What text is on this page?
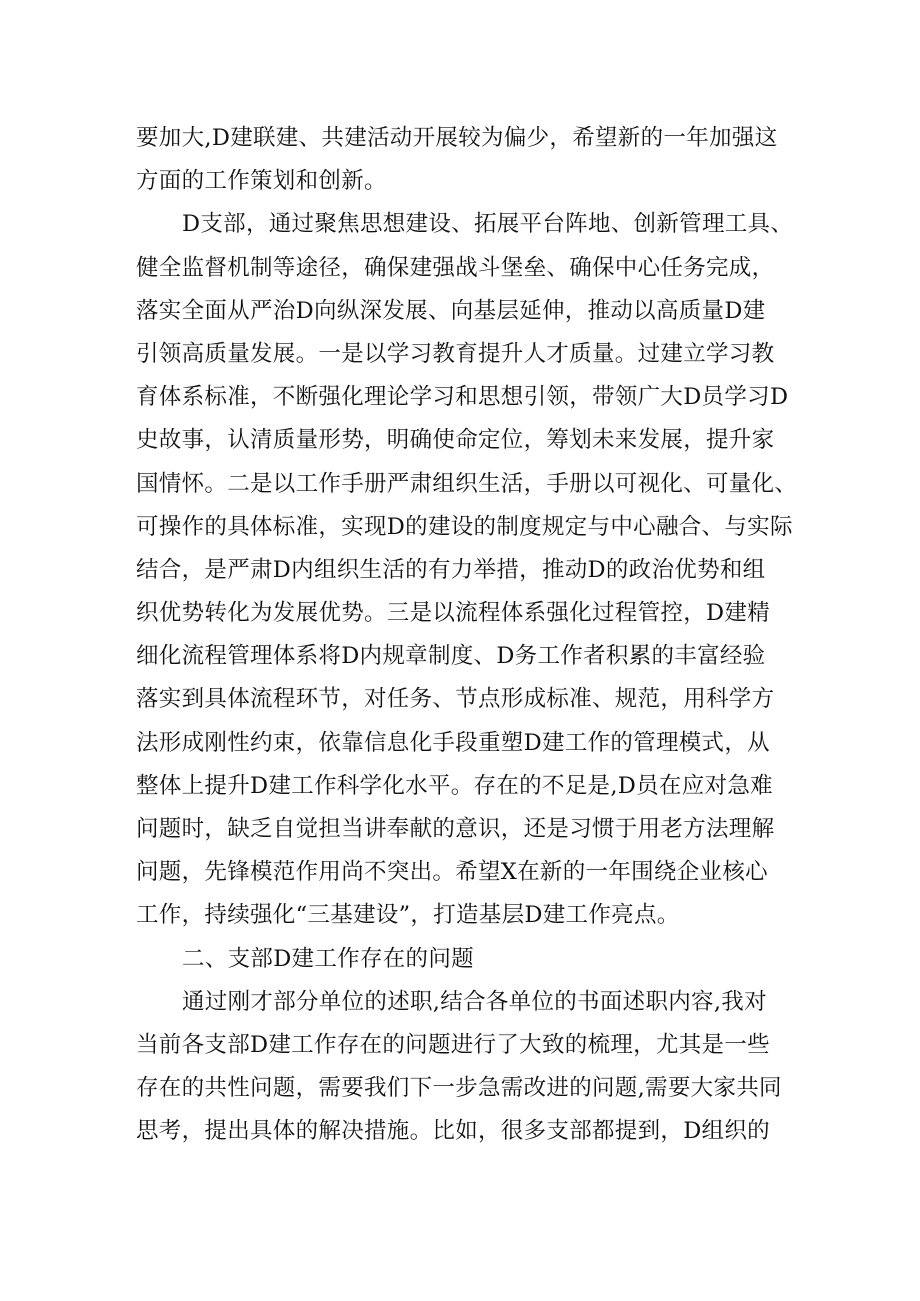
要加大,D建联建、共建活动开展较为偏少，希望新的一年加强这
方面的工作策划和创新。
D支部，通过聚焦思想建设、拓展平台阵地、创新管理工具、
健全监督机制等途径，确保建强战斗堡垒、确保中心任务完成，
落实全面从严治D向纵深发展、向基层延伸，推动以高质量D建
引领高质量发展。一是以学习教育提升人才质量。过建立学习教
育体系标准，不断强化理论学习和思想引领，带领广大D员学习D
史故事，认清质量形势，明确使命定位，筹划未来发展，提升家
国情怀。二是以工作手册严肃组织生活，手册以可视化、可量化、
可操作的具体标准，实现D的建设的制度规定与中心融合、与实际
结合，是严肃D内组织生活的有力举措，推动D的政治优势和组
织优势转化为发展优势。三是以流程体系强化过程管控，D建精
细化流程管理体系将D内规章制度、D务工作者积累的丰富经验
落实到具体流程环节，对任务、节点形成标准、规范，用科学方
法形成刚性约束，依靠信息化手段重塑D建工作的管理模式，从
整体上提升D建工作科学化水平。存在的不足是,D员在应对急难
问题时，缺乏自觉担当讲奉献的意识，还是习惯于用老方法理解
问题，先锋模范作用尚不突出。希望X在新的一年围绕企业核心
工作，持续强化“三基建设”，打造基层D建工作亮点。
二、支部D建工作存在的问题
通过刚才部分单位的述职,结合各单位的书面述职内容,我对
当前各支部D建工作存在的问题进行了大致的梳理，尤其是一些
存在的共性问题，需要我们下一步急需改进的问题,需要大家共同
思考，提出具体的解决措施。比如，很多支部都提到，D组织的
